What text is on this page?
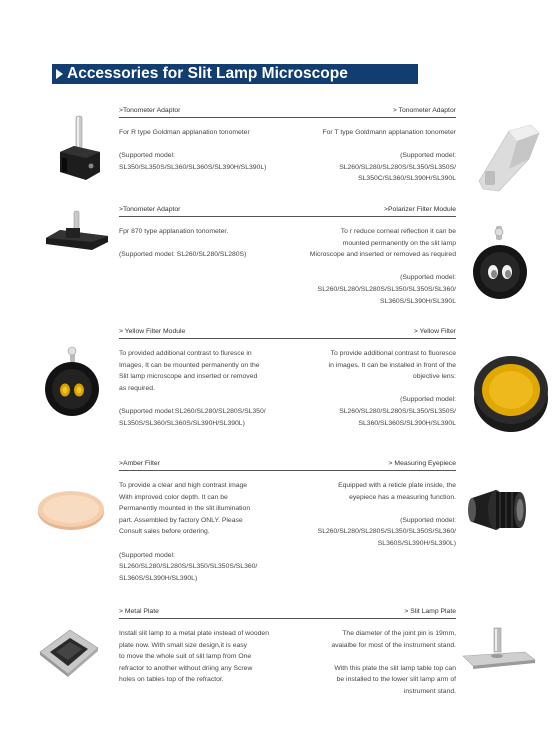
Accessories for Slit Lamp Microscope
>Tonometer Adaptor	> Tonometer Adaptor
>Tonometer Adaptor	>Polarizer Filter Module
> Yellow Filter Module	> Yellow Filter
>Amber Filter	> Measuring Eyepiece
> Metal Plate	> Slit Lamp Plate

For R type Goldman applanation tonometer

(Supported model:

SL350/SL350S/SL360/SL360S/SL390H/SL390L)

For T type Goldmann applanation tonometer

(Supported model:

SL260/SL280/SL280S/SL350/SL350S/

SL350C/SL360/SL390H/SL390L

Fpr 870 type applanation tonometer.

(Supported model: SL260/SL280/SL280S)

To r reduce corneal reflection it can be

mounted permanently on the slit lamp

Microscope and inserted or removed as required

(Supported model:

SL260/SL280/SL280S/SL350/SL350S/SL360/

SL360S/SL390H/SL390L

To provided additional contrast to fluresce in

Images, It can be mounted permanently on the

Slit lamp microscope and inserted or removed

as required.

(Supported model:SL260/SL280/SL280S/SL350/

SL350S/SL360/SL360S/SL390H/SL390L)

To provide additional contrast to fluoresce

in images. It can be installed in front of the

objective lens:

(Supported model:

SL260/SL280/SL280S/SL350/SL350S/

SL360/SL360S/SL390H/SL390L

To provide a clear and high contrast image

With improved color depth. It can be

Permanently mounted in the slit illumination

part. Assembled by factory ONLY. Please

Consult sales before ordering.

(Supported model:

SL260/SL280/SL280S/SL350/SL350S/SL360/

SL360S/SL390H/SL390L)

Equipped with a reticle plate inside, the

eyepiece has a measuring function.

(Supported model:

SL260/SL280/SL280S/SL350/SL350S/SL360/

SL360S/SL390H/SL390L)

Install slit lamp to a metal plate instead of wooden

plate now. With small size design,it is easy

to move the whole suit of slit lamp from One

refractor to another without driing any Screw

holes on tables top of the refractor.

The diameter of the joint pin is 19mm,

avaialbe for most of the instrument stand.

With this plate the slit lamp table top can

be installed to the lower slit lamp arm of

instrument stand.
